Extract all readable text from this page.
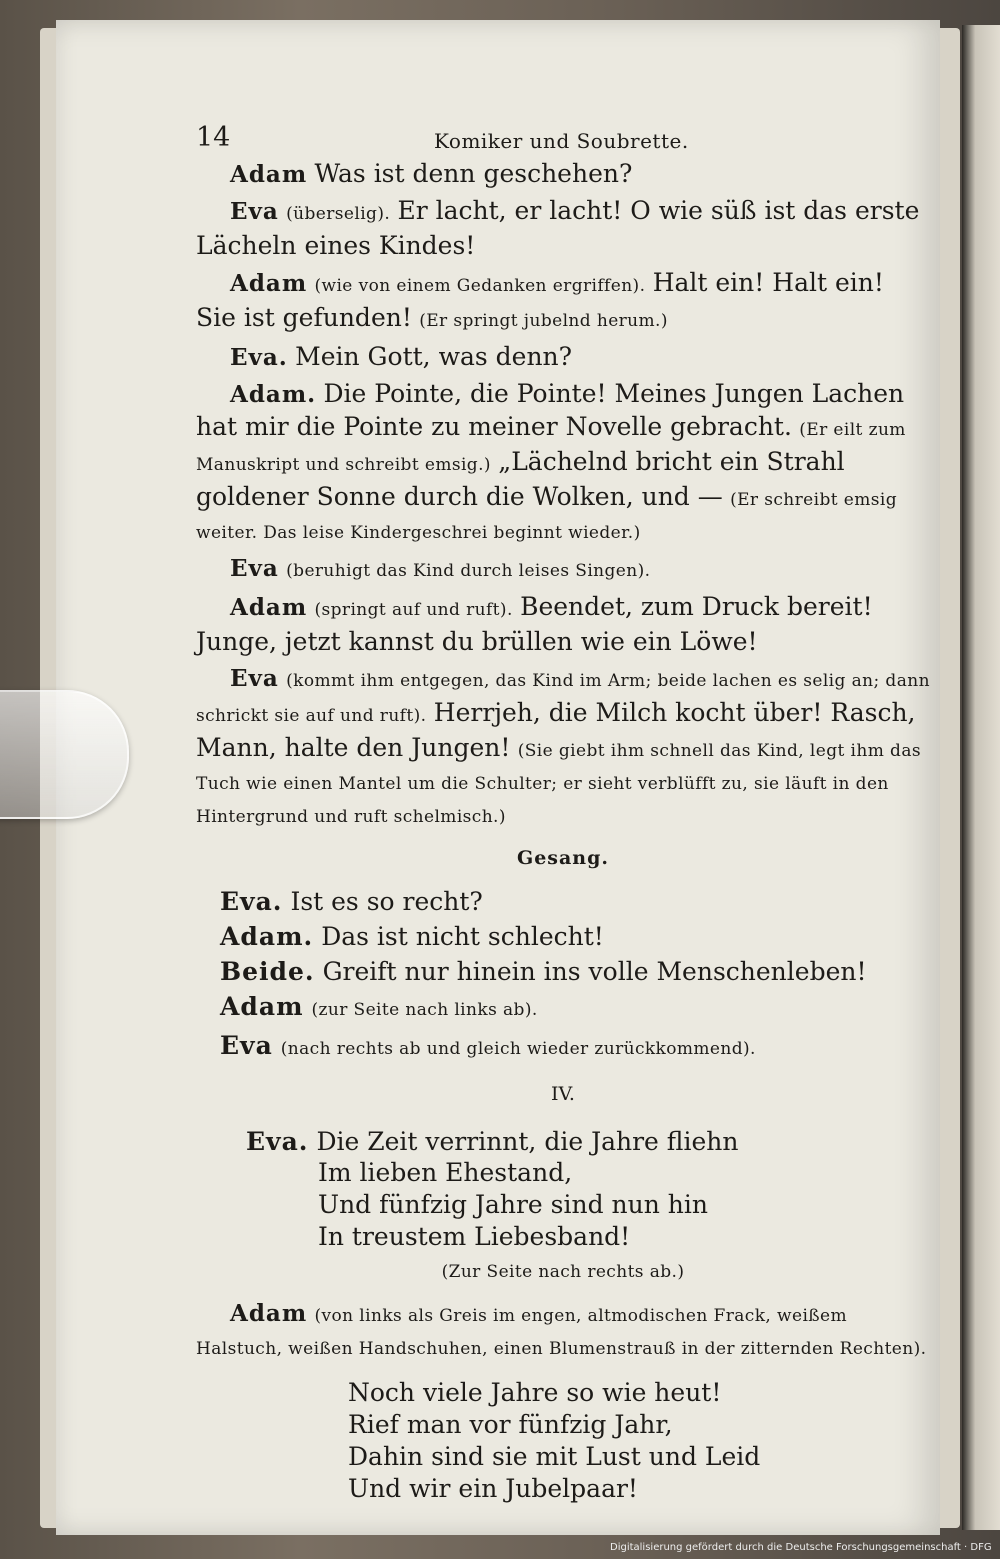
14	Komiker und Soubrette.

Adam Was ist denn geschehen?

Eva (überselig). Er lacht, er lacht! O wie süß ist das erste Lächeln eines Kindes!

Adam (wie von einem Gedanken ergriffen). Halt ein! Halt ein! Sie ist gefunden! (Er springt jubelnd herum.)

Eva. Mein Gott, was denn?

Adam. Die Pointe, die Pointe! Meines Jungen Lachen hat mir die Pointe zu meiner Novelle gebracht. (Er eilt zum Manuskript und schreibt emsig.) „Lächelnd bricht ein Strahl goldener Sonne durch die Wolken, und — (Er schreibt emsig weiter. Das leise Kindergeschrei beginnt wieder.)

Eva (beruhigt das Kind durch leises Singen).

Adam (springt auf und ruft). Beendet, zum Druck bereit! Junge, jetzt kannst du brüllen wie ein Löwe!

Eva (kommt ihm entgegen, das Kind im Arm; beide lachen es selig an; dann schrickt sie auf und ruft). Herrjeh, die Milch kocht über! Rasch, Mann, halte den Jungen! (Sie giebt ihm schnell das Kind, legt ihm das Tuch wie einen Mantel um die Schulter; er sieht verblüfft zu, sie läuft in den Hintergrund und ruft schelmisch.)

Gesang.

Eva. Ist es so recht?

Adam. Das ist nicht schlecht!

Beide. Greift nur hinein ins volle Menschenleben!

Adam (zur Seite nach links ab).

Eva (nach rechts ab und gleich wieder zurückkommend).

IV.

Eva. Die Zeit verrinnt, die Jahre fliehn

Im lieben Ehestand,
Und fünfzig Jahre sind nun hin
In treustem Liebesband!
(Zur Seite nach rechts ab.)

Adam (von links als Greis im engen, altmodischen Frack, weißem Halstuch, weißen Handschuhen, einen Blumenstrauß in der zitternden Rechten).

Noch viele Jahre so wie heut!
Rief man vor fünfzig Jahr,
Dahin sind sie mit Lust und Leid
Und wir ein Jubelpaar!
Digitalisierung gefördert durch die Deutsche Forschungsgemeinschaft · DFG
